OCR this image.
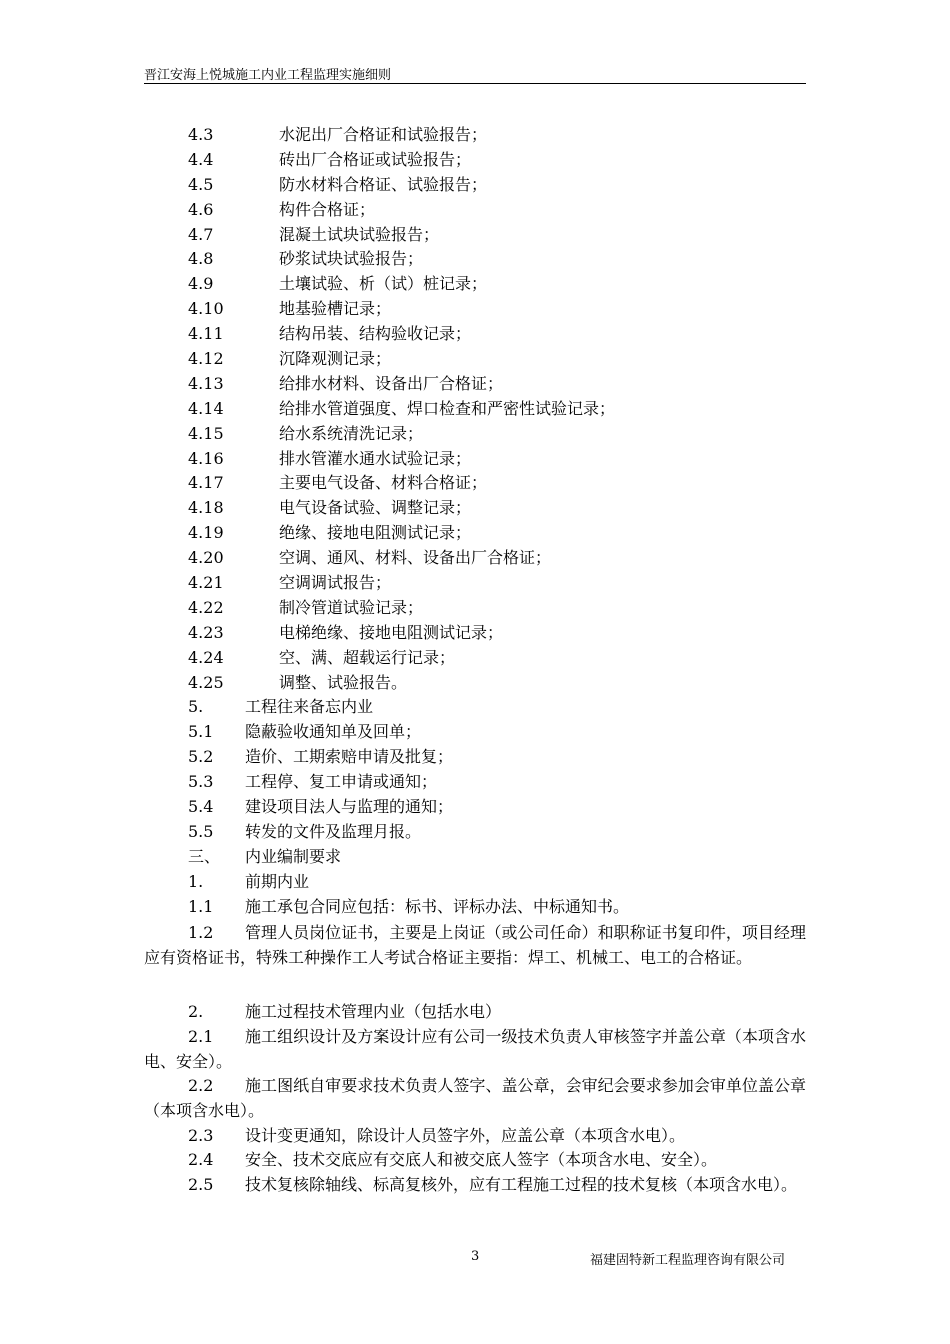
晋江安海上悦城施工内业工程监理实施细则
4.3	水泥出厂合格证和试验报告；
4.4	砖出厂合格证或试验报告；
4.5	防水材料合格证、试验报告；
4.6	构件合格证；
4.7	混凝土试块试验报告；
4.8	砂浆试块试验报告；
4.9	土壤试验、析（试）桩记录；
4.10	地基验槽记录；
4.11	结构吊装、结构验收记录；
4.12	沉降观测记录；
4.13	给排水材料、设备出厂合格证；
4.14	给排水管道强度、焊口检查和严密性试验记录；
4.15	给水系统清洗记录；
4.16	排水管灌水通水试验记录；
4.17	主要电气设备、材料合格证；
4.18	电气设备试验、调整记录；
4.19	绝缘、接地电阻测试记录；
4.20	空调、通风、材料、设备出厂合格证；
4.21	空调调试报告；
4.22	制冷管道试验记录；
4.23	电梯绝缘、接地电阻测试记录；
4.24	空、满、超载运行记录；
4.25	调整、试验报告。
5.	工程往来备忘内业
5.1 隐蔽验收通知单及回单；
5.2 造价、工期索赔申请及批复；
5.3 工程停、复工申请或通知；
5.4 建设项目法人与监理的通知；
5.5 转发的文件及监理月报。
三、 内业编制要求
1.	前期内业
1.1 施工承包合同应包括：标书、评标办法、中标通知书。
1.2 管理人员岗位证书，主要是上岗证（或公司任命）和职称证书复印件，项目经理应有资格证书，特殊工种操作工人考试合格证主要指：焊工、机械工、电工的合格证。
2.	施工过程技术管理内业（包括水电）
2.1 施工组织设计及方案设计应有公司一级技术负责人审核签字并盖公章（本项含水电、安全）。
2.2 施工图纸自审要求技术负责人签字、盖公章，会审纪会要求参加会审单位盖公章（本项含水电）。
2.3 设计变更通知，除设计人员签字外，应盖公章（本项含水电）。
2.4 安全、技术交底应有交底人和被交底人签字（本项含水电、安全）。
2.5 技术复核除轴线、标高复核外，应有工程施工过程的技术复核（本项含水电）。
3	福建固特新工程监理咨询有限公司
